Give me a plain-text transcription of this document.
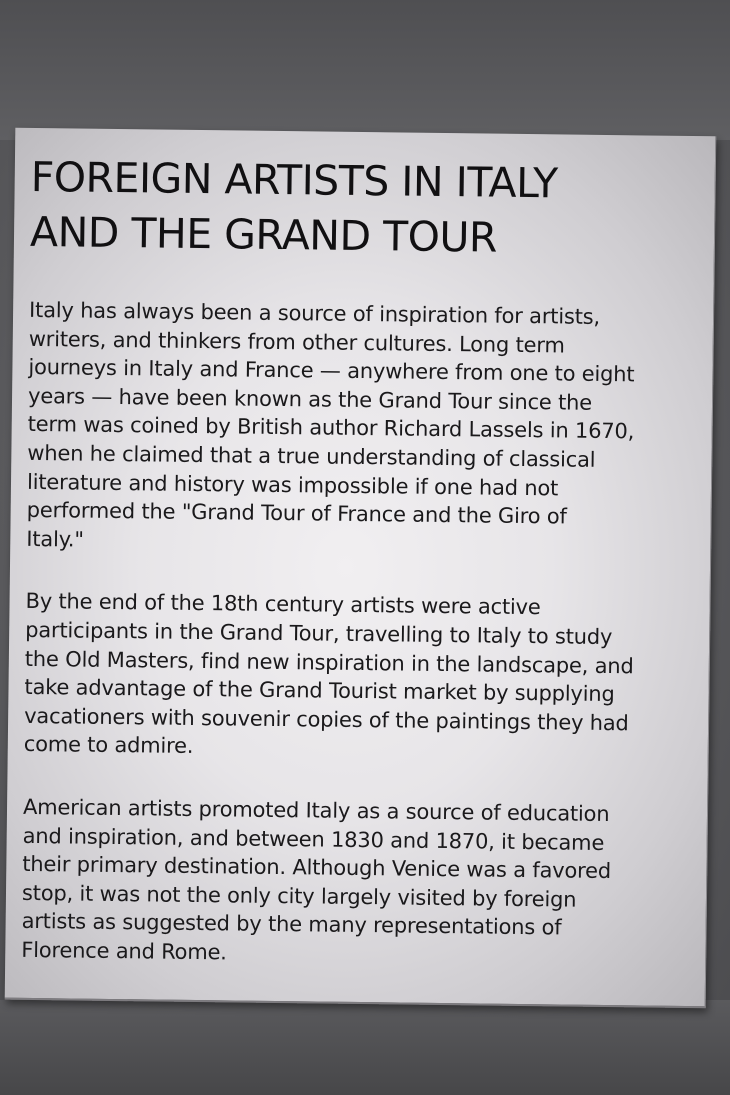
FOREIGN ARTISTS IN ITALY
AND THE GRAND TOUR

Italy has always been a source of inspiration for artists,
writers, and thinkers from other cultures. Long term
journeys in Italy and France — anywhere from one to eight
years — have been known as the Grand Tour since the
term was coined by British author Richard Lassels in 1670,
when he claimed that a true understanding of classical
literature and history was impossible if one had not
performed the "Grand Tour of France and the Giro of
Italy."

By the end of the 18th century artists were active
participants in the Grand Tour, travelling to Italy to study
the Old Masters, find new inspiration in the landscape, and
take advantage of the Grand Tourist market by supplying
vacationers with souvenir copies of the paintings they had
come to admire.

American artists promoted Italy as a source of education
and inspiration, and between 1830 and 1870, it became
their primary destination. Although Venice was a favored
stop, it was not the only city largely visited by foreign
artists as suggested by the many representations of
Florence and Rome.
